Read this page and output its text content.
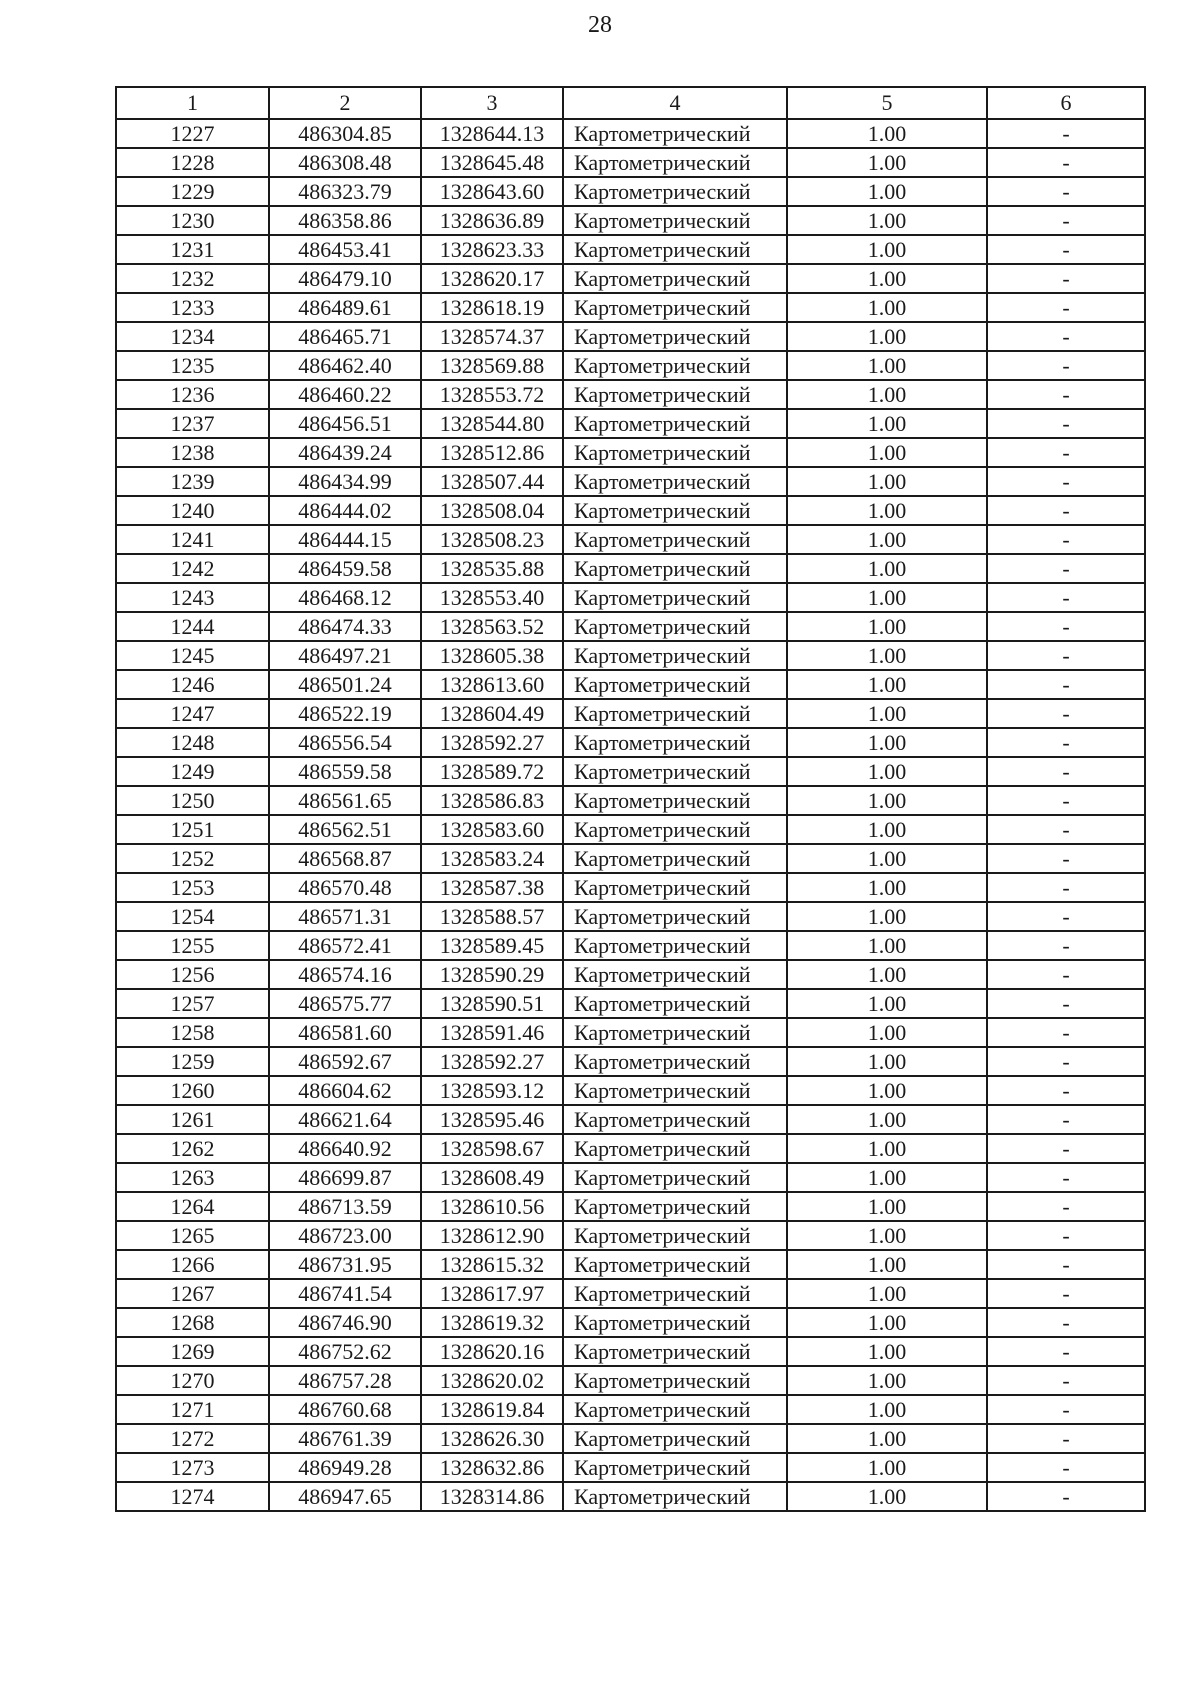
28
1	2	3	4	5	6
1227	486304.85	1328644.13	Картометрический	1.00	-
1228	486308.48	1328645.48	Картометрический	1.00	-
1229	486323.79	1328643.60	Картометрический	1.00	-
1230	486358.86	1328636.89	Картометрический	1.00	-
1231	486453.41	1328623.33	Картометрический	1.00	-
1232	486479.10	1328620.17	Картометрический	1.00	-
1233	486489.61	1328618.19	Картометрический	1.00	-
1234	486465.71	1328574.37	Картометрический	1.00	-
1235	486462.40	1328569.88	Картометрический	1.00	-
1236	486460.22	1328553.72	Картометрический	1.00	-
1237	486456.51	1328544.80	Картометрический	1.00	-
1238	486439.24	1328512.86	Картометрический	1.00	-
1239	486434.99	1328507.44	Картометрический	1.00	-
1240	486444.02	1328508.04	Картометрический	1.00	-
1241	486444.15	1328508.23	Картометрический	1.00	-
1242	486459.58	1328535.88	Картометрический	1.00	-
1243	486468.12	1328553.40	Картометрический	1.00	-
1244	486474.33	1328563.52	Картометрический	1.00	-
1245	486497.21	1328605.38	Картометрический	1.00	-
1246	486501.24	1328613.60	Картометрический	1.00	-
1247	486522.19	1328604.49	Картометрический	1.00	-
1248	486556.54	1328592.27	Картометрический	1.00	-
1249	486559.58	1328589.72	Картометрический	1.00	-
1250	486561.65	1328586.83	Картометрический	1.00	-
1251	486562.51	1328583.60	Картометрический	1.00	-
1252	486568.87	1328583.24	Картометрический	1.00	-
1253	486570.48	1328587.38	Картометрический	1.00	-
1254	486571.31	1328588.57	Картометрический	1.00	-
1255	486572.41	1328589.45	Картометрический	1.00	-
1256	486574.16	1328590.29	Картометрический	1.00	-
1257	486575.77	1328590.51	Картометрический	1.00	-
1258	486581.60	1328591.46	Картометрический	1.00	-
1259	486592.67	1328592.27	Картометрический	1.00	-
1260	486604.62	1328593.12	Картометрический	1.00	-
1261	486621.64	1328595.46	Картометрический	1.00	-
1262	486640.92	1328598.67	Картометрический	1.00	-
1263	486699.87	1328608.49	Картометрический	1.00	-
1264	486713.59	1328610.56	Картометрический	1.00	-
1265	486723.00	1328612.90	Картометрический	1.00	-
1266	486731.95	1328615.32	Картометрический	1.00	-
1267	486741.54	1328617.97	Картометрический	1.00	-
1268	486746.90	1328619.32	Картометрический	1.00	-
1269	486752.62	1328620.16	Картометрический	1.00	-
1270	486757.28	1328620.02	Картометрический	1.00	-
1271	486760.68	1328619.84	Картометрический	1.00	-
1272	486761.39	1328626.30	Картометрический	1.00	-
1273	486949.28	1328632.86	Картометрический	1.00	-
1274	486947.65	1328314.86	Картометрический	1.00	-
